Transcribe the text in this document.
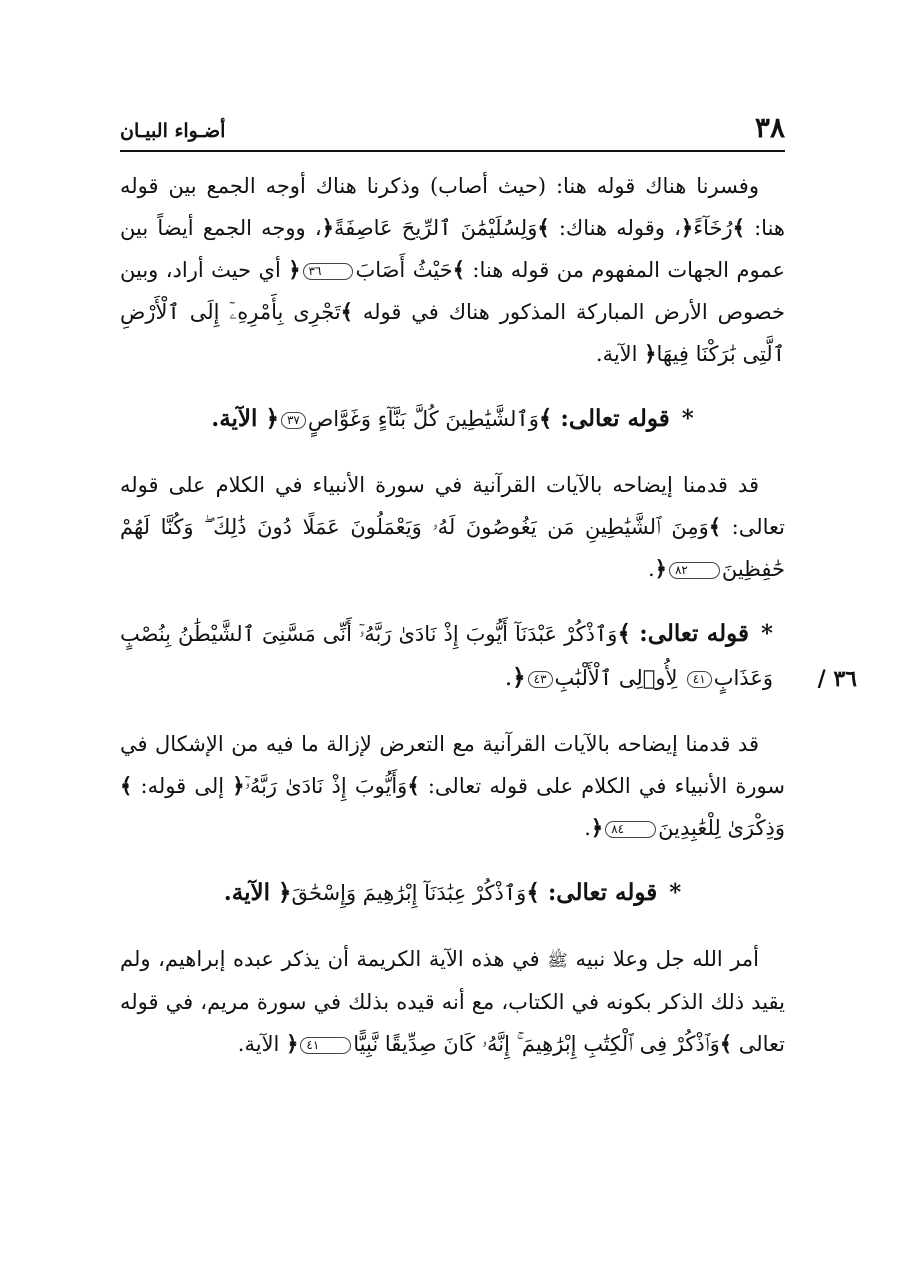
٣٨
أضـواء البيـان

وفسرنا هناك قوله هنا: (حيث أصاب) وذكرنا هناك أوجه الجمع بين قوله هنا: ﴾رُخَآءً﴿، وقوله هناك: ﴾وَلِسُلَيْمَٰنَ ٱلرِّيحَ عَاصِفَةً﴿، ووجه الجمع أيضاً بين عموم الجهات المفهوم من قوله هنا: ﴾حَيْثُ أَصَابَ٣٦﴿ أي حيث أراد، وبين خصوص الأرض المباركة المذكور هناك في قوله ﴾تَجْرِى بِأَمْرِهِۦٓ إِلَى ٱلْأَرْضِ ٱلَّتِى بَٰرَكْنَا فِيهَا﴿ الآية.

*قوله تعالى: ﴾وَٱلشَّيَٰطِينَ كُلَّ بَنَّآءٍ وَغَوَّاصٍ٣٧﴿ الآية.

قد قدمنا إيضاحه بالآيات القرآنية في سورة الأنبياء في الكلام على قوله تعالى: ﴾وَمِنَ ٱلشَّيَٰطِينِ مَن يَغُوصُونَ لَهُۥ وَيَعْمَلُونَ عَمَلًا دُونَ ذَٰلِكَ ۖ وَكُنَّا لَهُمْ حَٰفِظِينَ٨٢﴿.

٣٦ /
*قوله تعالى: ﴾وَٱذْكُرْ عَبْدَنَآ أَيُّوبَ إِذْ نَادَىٰ رَبَّهُۥٓ أَنِّى مَسَّنِىَ ٱلشَّيْطَٰنُ بِنُصْبٍ وَعَذَابٍ٤١ لِأُو۟لِى ٱلْأَلْبَٰبِ٤٣﴿.

قد قدمنا إيضاحه بالآيات القرآنية مع التعرض لإزالة ما فيه من الإشكال في سورة الأنبياء في الكلام على قوله تعالى: ﴾وَأَيُّوبَ إِذْ نَادَىٰ رَبَّهُۥٓ﴿ إلى قوله: ﴾وَذِكْرَىٰ لِلْعَٰبِدِينَ٨٤﴿.

*قوله تعالى: ﴾وَٱذْكُرْ عِبَٰدَنَآ إِبْرَٰهِيمَ وَإِسْحَٰقَ﴿ الآية.

أمر الله جل وعلا نبيه ﷺ في هذه الآية الكريمة أن يذكر عبده إبراهيم، ولم يقيد ذلك الذكر بكونه في الكتاب، مع أنه قيده بذلك في سورة مريم، في قوله تعالى ﴾وَٱذْكُرْ فِى ٱلْكِتَٰبِ إِبْرَٰهِيمَ ۚ إِنَّهُۥ كَانَ صِدِّيقًا نَّبِيًّا٤١﴿ الآية.
